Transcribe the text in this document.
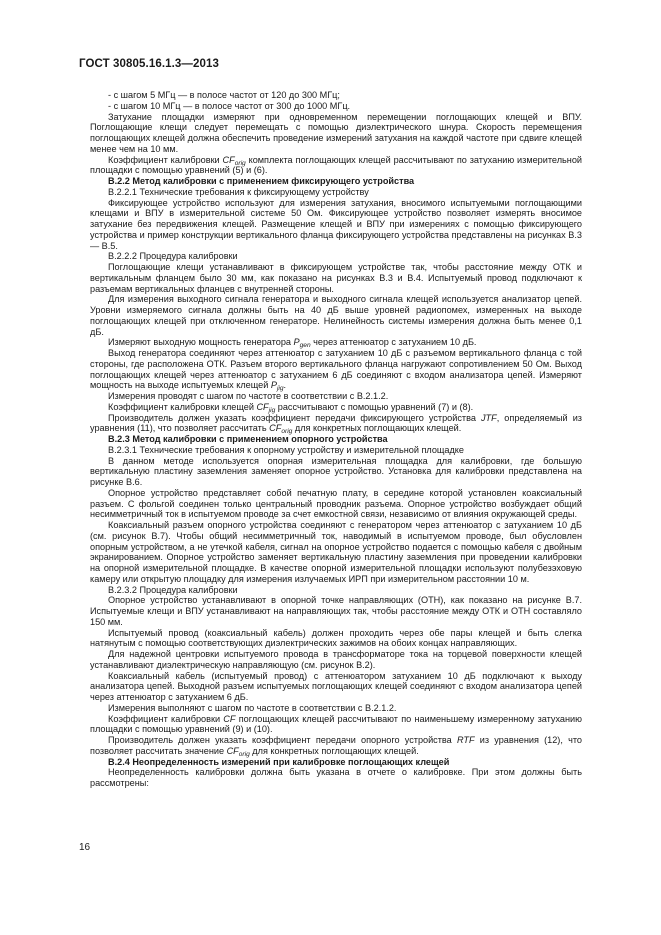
ГОСТ 30805.16.1.3—2013

- с шагом 5 МГц — в полосе частот от 120 до 300 МГц;

- с шагом 10 МГц — в полосе частот от 300 до 1000 МГц.

Затухание площадки измеряют при одновременном перемещении поглощающих клещей и ВПУ. Поглощающие клещи следует перемещать с помощью диэлектрического шнура. Скорость перемещения поглощающих клещей должна обеспечить проведение измерений затухания на каждой частоте при сдвиге клещей менее чем на 10 мм.

Коэффициент калибровки $CF_{orig}$ комплекта поглощающих клещей рассчитывают по затуханию измерительной площадки с помощью уравнений (5) и (6).

В.2.2 Метод калибровки с применением фиксирующего устройства

В.2.2.1 Технические требования к фиксирующему устройству

Фиксирующее устройство используют для измерения затухания, вносимого испытуемыми поглощающими клещами и ВПУ в измерительной системе 50 Ом. Фиксирующее устройство позволяет измерять вносимое затухание без передвижения клещей. Размещение клещей и ВПУ при измерениях с помощью фиксирующего устройства и пример конструкции вертикального фланца фиксирующего устройства представлены на рисунках В.3 — В.5.

В.2.2.2 Процедура калибровки

Поглощающие клещи устанавливают в фиксирующем устройстве так, чтобы расстояние между ОТК и вертикальным фланцем было 30 мм, как показано на рисунках В.3 и В.4. Испытуемый провод подключают к разъемам вертикальных фланцев с внутренней стороны.

Для измерения выходного сигнала генератора и выходного сигнала клещей используется анализатор цепей. Уровни измеряемого сигнала должны быть на 40 дБ выше уровней радиопомех, измеренных на выходе поглощающих клещей при отключенном генераторе. Нелинейность системы измерения должна быть менее 0,1 дБ.

Измеряют выходную мощность генератора $P_{gen}$ через аттенюатор с затуханием 10 дБ.

Выход генератора соединяют через аттенюатор с затуханием 10 дБ с разъемом вертикального фланца с той стороны, где расположена ОТК. Разъем второго вертикального фланца нагружают сопротивлением 50 Ом. Выход поглощающих клещей через аттенюатор с затуханием 6 дБ соединяют с входом анализатора цепей. Измеряют мощность на выходе испытуемых клещей $P_{jig}$.

Измерения проводят с шагом по частоте в соответствии с В.2.1.2.

Коэффициент калибровки клещей $CF_{jig}$ рассчитывают с помощью уравнений (7) и (8).

Производитель должен указать коэффициент передачи фиксирующего устройства JTF, определяемый из уравнения (11), что позволяет рассчитать $CF_{orig}$ для конкретных поглощающих клещей.

В.2.3 Метод калибровки с применением опорного устройства

В.2.3.1 Технические требования к опорному устройству и измерительной площадке

В данном методе используется опорная измерительная площадка для калибровки, где большую вертикальную пластину заземления заменяет опорное устройство. Установка для калибровки представлена на рисунке В.6.

Опорное устройство представляет собой печатную плату, в середине которой установлен коаксиальный разъем. С фольгой соединен только центральный проводник разъема. Опорное устройство возбуждает общий несимметричный ток в испытуемом проводе за счет емкостной связи, независимо от влияния окружающей среды.

Коаксиальный разъем опорного устройства соединяют с генератором через аттенюатор с затуханием 10 дБ (см. рисунок В.7). Чтобы общий несимметричный ток, наводимый в испытуемом проводе, был обусловлен опорным устройством, а не утечкой кабеля, сигнал на опорное устройство подается с помощью кабеля с двойным экранированием. Опорное устройство заменяет вертикальную пластину заземления при проведении калибровки на опорной измерительной площадке. В качестве опорной измерительной площадки используют полубезэховую камеру или открытую площадку для измерения излучаемых ИРП при измерительном расстоянии 10 м.

В.2.3.2 Процедура калибровки

Опорное устройство устанавливают в опорной точке направляющих (ОТН), как показано на рисунке В.7. Испытуемые клещи и ВПУ устанавливают на направляющих так, чтобы расстояние между ОТК и ОТН составляло 150 мм.

Испытуемый провод (коаксиальный кабель) должен проходить через обе пары клещей и быть слегка натянутым с помощью соответствующих диэлектрических зажимов на обоих концах направляющих.

Для надежной центровки испытуемого провода в трансформаторе тока на торцевой поверхности клещей устанавливают диэлектрическую направляющую (см. рисунок В.2).

Коаксиальный кабель (испытуемый провод) с аттенюатором затуханием 10 дБ подключают к выходу анализатора цепей. Выходной разъем испытуемых поглощающих клещей соединяют с входом анализатора цепей через аттенюатор с затуханием 6 дБ.

Измерения выполняют с шагом по частоте в соответствии с В.2.1.2.

Коэффициент калибровки CF поглощающих клещей рассчитывают по наименьшему измеренному затуханию площадки с помощью уравнений (9) и (10).

Производитель должен указать коэффициент передачи опорного устройства RTF из уравнения (12), что позволяет рассчитать значение $CF_{orig}$ для конкретных поглощающих клещей.

В.2.4 Неопределенность измерений при калибровке поглощающих клещей

Неопределенность калибровки должна быть указана в отчете о калибровке. При этом должны быть рассмотрены:

16
